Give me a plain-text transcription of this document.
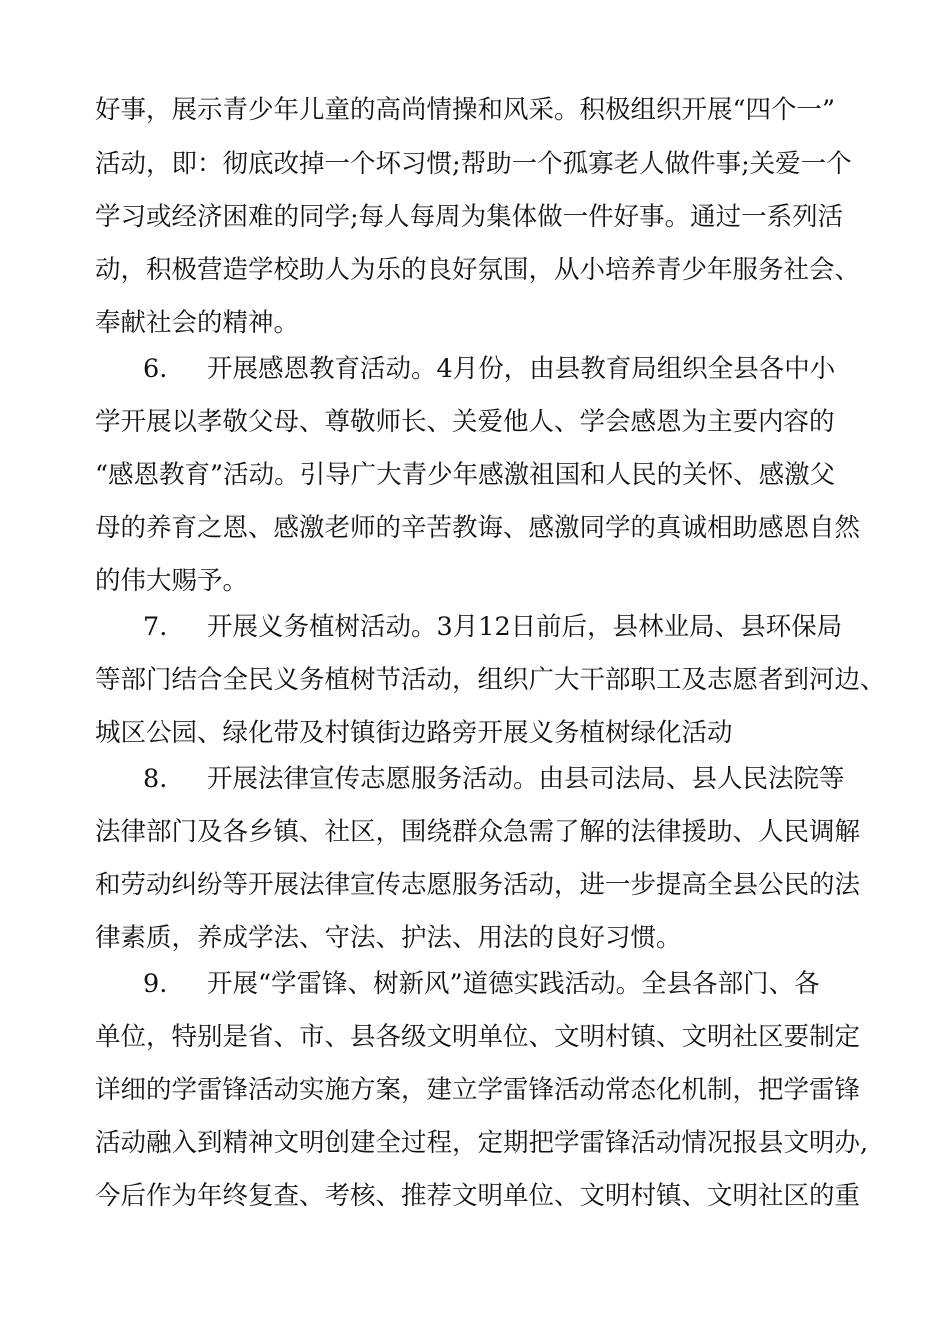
好事，展示青少年儿童的高尚情操和风采。积极组织开展“四个一”
活动，即：彻底改掉一个坏习惯;帮助一个孤寡老人做件事;关爱一个
学习或经济困难的同学;每人每周为集体做一件好事。通过一系列活
动，积极营造学校助人为乐的良好氛围，从小培养青少年服务社会、
奉献社会的精神。
6. 开展感恩教育活动。4月份，由县教育局组织全县各中小
学开展以孝敬父母、尊敬师长、关爱他人、学会感恩为主要内容的
“感恩教育”活动。引导广大青少年感激祖国和人民的关怀、感激父
母的养育之恩、感激老师的辛苦教诲、感激同学的真诚相助感恩自然
的伟大赐予。
7. 开展义务植树活动。3月12日前后，县林业局、县环保局
等部门结合全民义务植树节活动，组织广大干部职工及志愿者到河边、
城区公园、绿化带及村镇街边路旁开展义务植树绿化活动
8. 开展法律宣传志愿服务活动。由县司法局、县人民法院等
法律部门及各乡镇、社区，围绕群众急需了解的法律援助、人民调解
和劳动纠纷等开展法律宣传志愿服务活动，进一步提高全县公民的法
律素质，养成学法、守法、护法、用法的良好习惯。
9. 开展“学雷锋、树新风”道德实践活动。全县各部门、各
单位，特别是省、市、县各级文明单位、文明村镇、文明社区要制定
详细的学雷锋活动实施方案，建立学雷锋活动常态化机制，把学雷锋
活动融入到精神文明创建全过程，定期把学雷锋活动情况报县文明办,
今后作为年终复查、考核、推荐文明单位、文明村镇、文明社区的重
